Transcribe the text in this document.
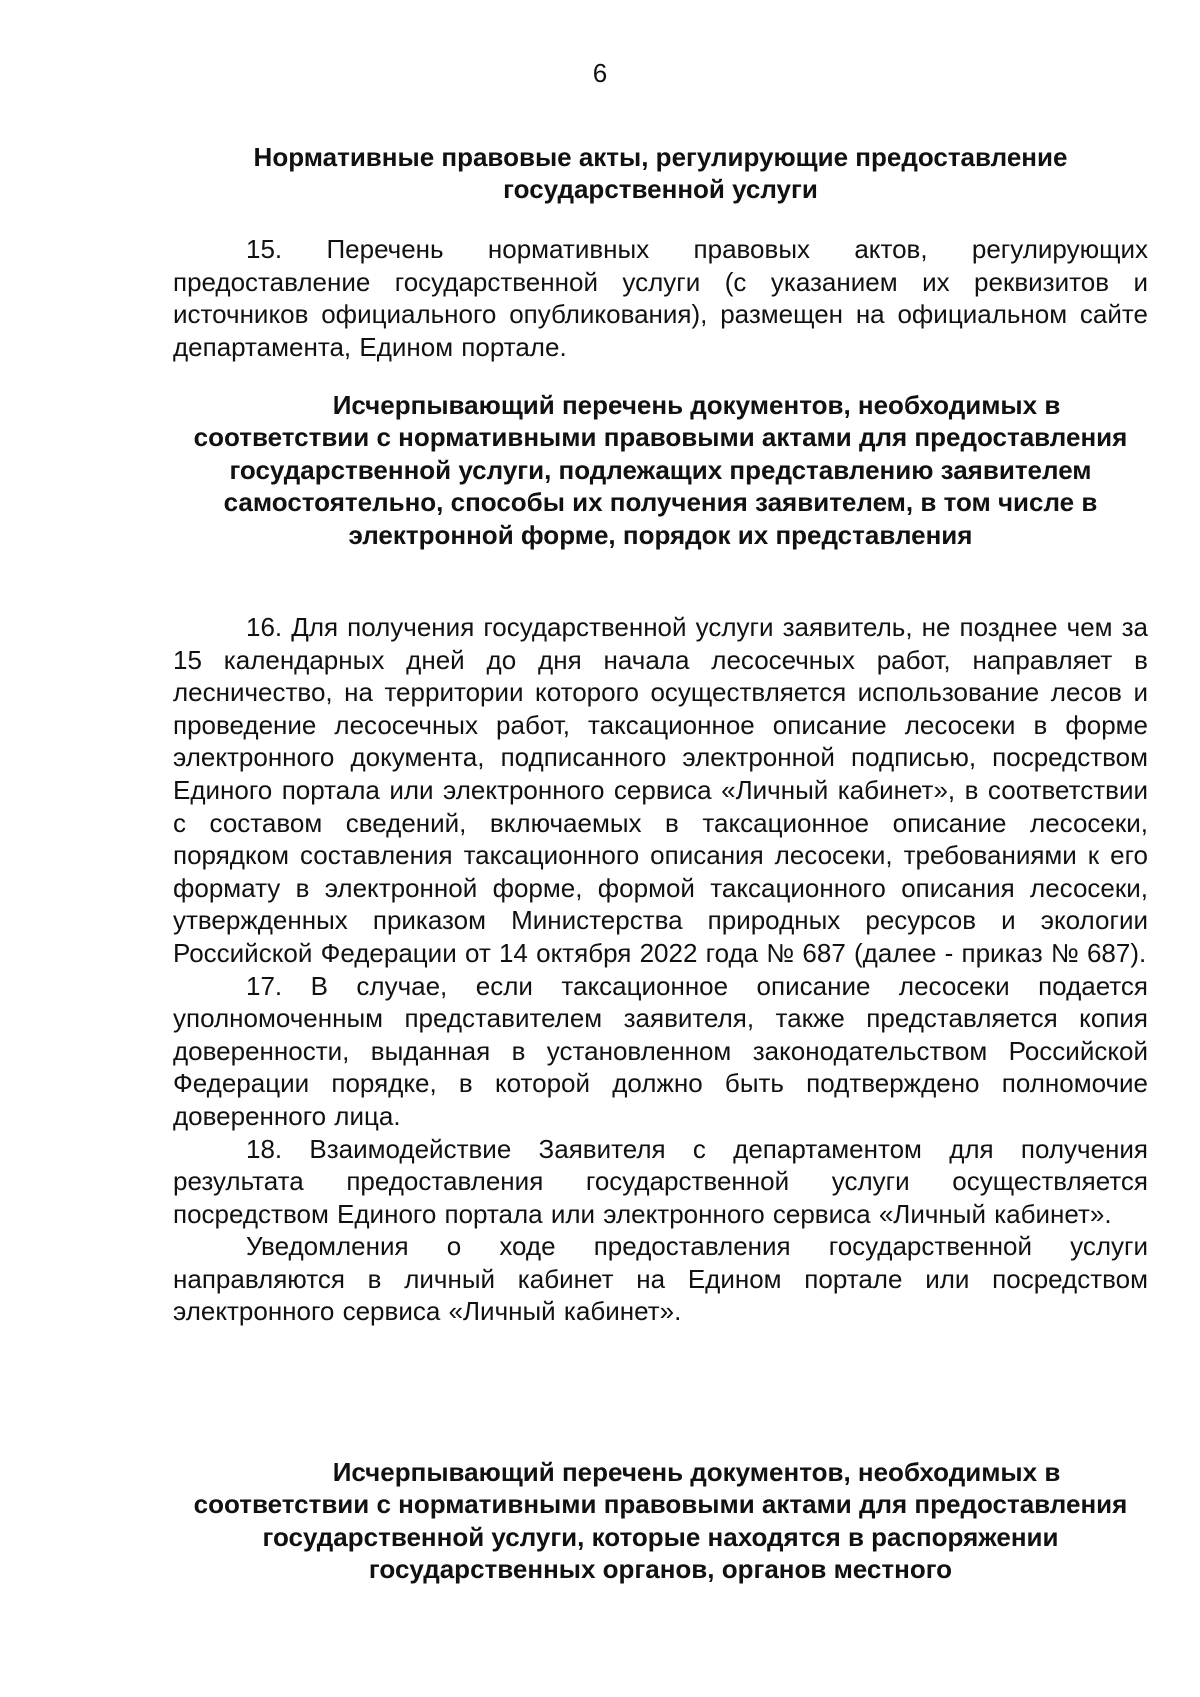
6

Нормативные правовые акты, регулирующие предоставление государственной услуги

15. Перечень нормативных правовых актов, регулирующих предоставление государственной услуги (с указанием их реквизитов и источников официального опубликования), размещен на официальном сайте департамента, Едином портале.

Исчерпывающий перечень документов, необходимых в соответствии с нормативными правовыми актами для предоставления государственной услуги, подлежащих представлению заявителем самостоятельно, способы их получения заявителем, в том числе в электронной форме, порядок их представления

16. Для получения государственной услуги заявитель, не позднее чем за 15 календарных дней до дня начала лесосечных работ, направляет в лесничество, на территории которого осуществляется использование лесов и проведение лесосечных работ, таксационное описание лесосеки в форме электронного документа, подписанного электронной подписью, посредством Единого портала или электронного сервиса «Личный кабинет», в соответствии с составом сведений, включаемых в таксационное описание лесосеки, порядком составления таксационного описания лесосеки, требованиями к его формату в электронной форме, формой таксационного описания лесосеки, утвержденных приказом Министерства природных ресурсов и экологии Российской Федерации от 14 октября 2022 года № 687 (далее - приказ № 687).

17. В случае, если таксационное описание лесосеки подается уполномоченным представителем заявителя, также представляется копия доверенности, выданная в установленном законодательством Российской Федерации порядке, в которой должно быть подтверждено полномочие доверенного лица.

18. Взаимодействие Заявителя с департаментом для получения результата предоставления государственной услуги осуществляется посредством Единого портала или электронного сервиса «Личный кабинет».

Уведомления о ходе предоставления государственной услуги направляются в личный кабинет на Едином портале или посредством электронного сервиса «Личный кабинет».

Исчерпывающий перечень документов, необходимых в соответствии с нормативными правовыми актами для предоставления государственной услуги, которые находятся в распоряжении государственных органов, органов местного
